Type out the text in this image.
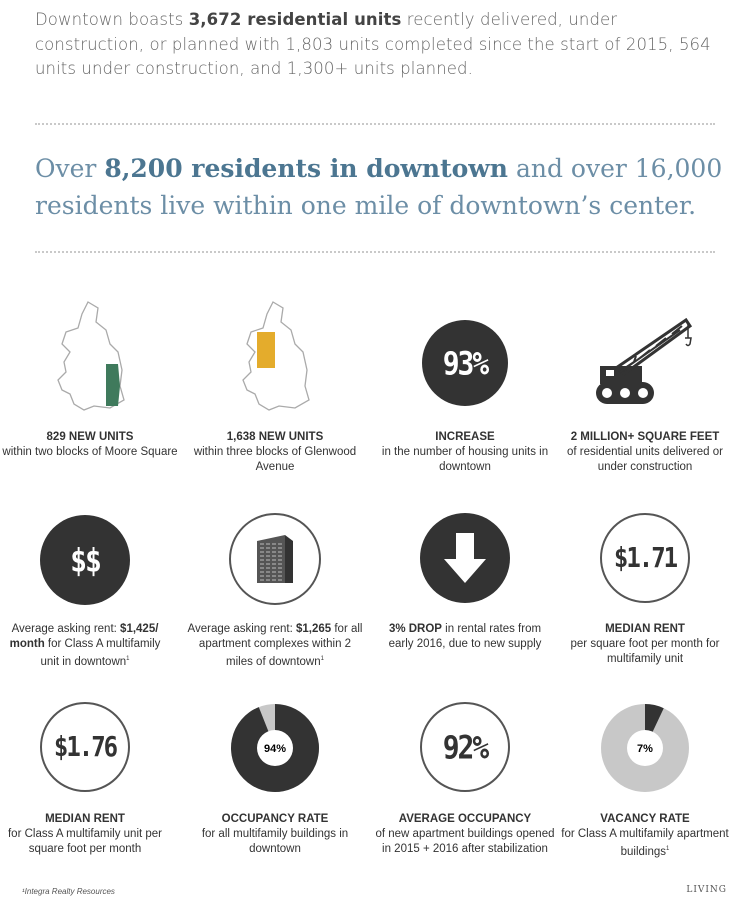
Downtown boasts 3,672 residential units recently delivered, under construction, or planned with 1,803 units completed since the start of 2015, 564 units under construction, and 1,300+ units planned.
Over 8,200 residents in downtown and over 16,000 residents live within one mile of downtown’s center.
829 NEW UNITS
within two blocks of Moore Square
1,638 NEW UNITS
within three blocks of Glenwood Avenue
93%
INCREASE
in the number of housing units in downtown
2 MILLION+ SQUARE FEET
of residential units delivered or under construction
$$
Average asking rent: $1,425/ month for Class A multifamily unit in downtown$^1$
Average asking rent: $1,265 for all apartment complexes within 2 miles of downtown$^1$
3% DROP in rental rates from early 2016, due to new supply
$1.71
MEDIAN RENT
per square foot per month for multifamily unit
$1.76
MEDIAN RENT
for Class A multifamily unit per square foot per month
94%
OCCUPANCY RATE
for all multifamily buildings in downtown
92%
AVERAGE OCCUPANCY
of new apartment buildings opened in 2015 + 2016 after stabilization
7%
VACANCY RATE
for Class A multifamily apartment buildings$^1$
¹Integra Realty Resources	LIVING
